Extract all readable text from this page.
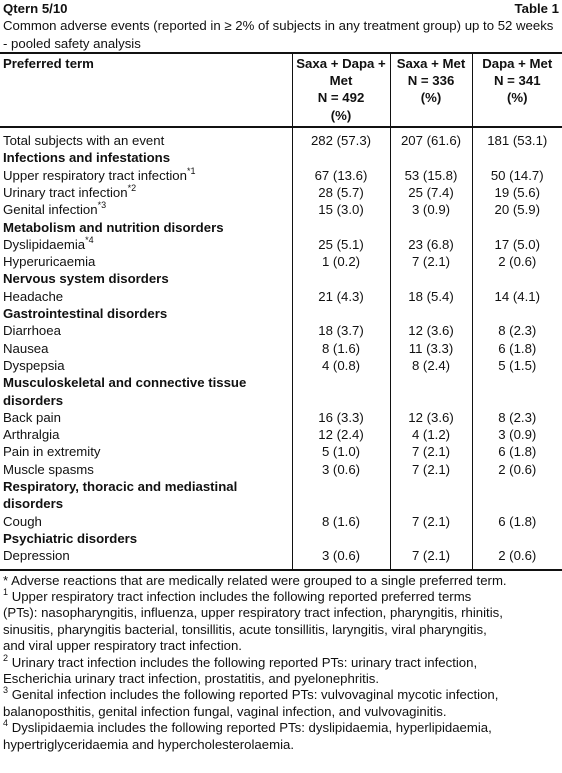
Qtern 5/10	Table 1
Common adverse events (reported in ≥ 2% of subjects in any treatment group) up to 52 weeks - pooled safety analysis
Preferred term	Saxa + Dapa +
Met
N = 492
(%)	Saxa + Met
N = 336
(%)	Dapa + Met
N = 341
(%)
Total subjects with an event	282 (57.3)	207 (61.6)	181 (53.1)
Infections and infestations			
Upper respiratory tract infection$^{*1}$	67 (13.6)	53 (15.8)	50 (14.7)
Urinary tract infection$^{*2}$	28 (5.7)	25 (7.4)	19 (5.6)
Genital infection$^{*3}$	15 (3.0)	3 (0.9)	20 (5.9)
Metabolism and nutrition disorders			
Dyslipidaemia$^{*4}$	25 (5.1)	23 (6.8)	17 (5.0)
Hyperuricaemia	1 (0.2)	7 (2.1)	2 (0.6)
Nervous system disorders			
Headache	21 (4.3)	18 (5.4)	14 (4.1)
Gastrointestinal disorders			
Diarrhoea	18 (3.7)	12 (3.6)	8 (2.3)
Nausea	8 (1.6)	11 (3.3)	6 (1.8)
Dyspepsia	4 (0.8)	8 (2.4)	5 (1.5)
Musculoskeletal and connective tissue
disorders			
Back pain	16 (3.3)	12 (3.6)	8 (2.3)
Arthralgia	12 (2.4)	4 (1.2)	3 (0.9)
Pain in extremity	5 (1.0)	7 (2.1)	6 (1.8)
Muscle spasms	3 (0.6)	7 (2.1)	2 (0.6)
Respiratory, thoracic and mediastinal
disorders			
Cough	8 (1.6)	7 (2.1)	6 (1.8)
Psychiatric disorders			
Depression	3 (0.6)	7 (2.1)	2 (0.6)

* Adverse reactions that are medically related were grouped to a single preferred term.

$^1$ Upper respiratory tract infection includes the following reported preferred terms
(PTs): nasopharyngitis, influenza, upper respiratory tract infection, pharyngitis, rhinitis,
sinusitis, pharyngitis bacterial, tonsillitis, acute tonsillitis, laryngitis, viral pharyngitis,
and viral upper respiratory tract infection.

$^2$ Urinary tract infection includes the following reported PTs: urinary tract infection,
Escherichia urinary tract infection, prostatitis, and pyelonephritis.

$^3$ Genital infection includes the following reported PTs: vulvovaginal mycotic infection,
balanoposthitis, genital infection fungal, vaginal infection, and vulvovaginitis.

$^4$ Dyslipidaemia includes the following reported PTs: dyslipidaemia, hyperlipidaemia,
hypertriglyceridaemia and hypercholesterolaemia.
